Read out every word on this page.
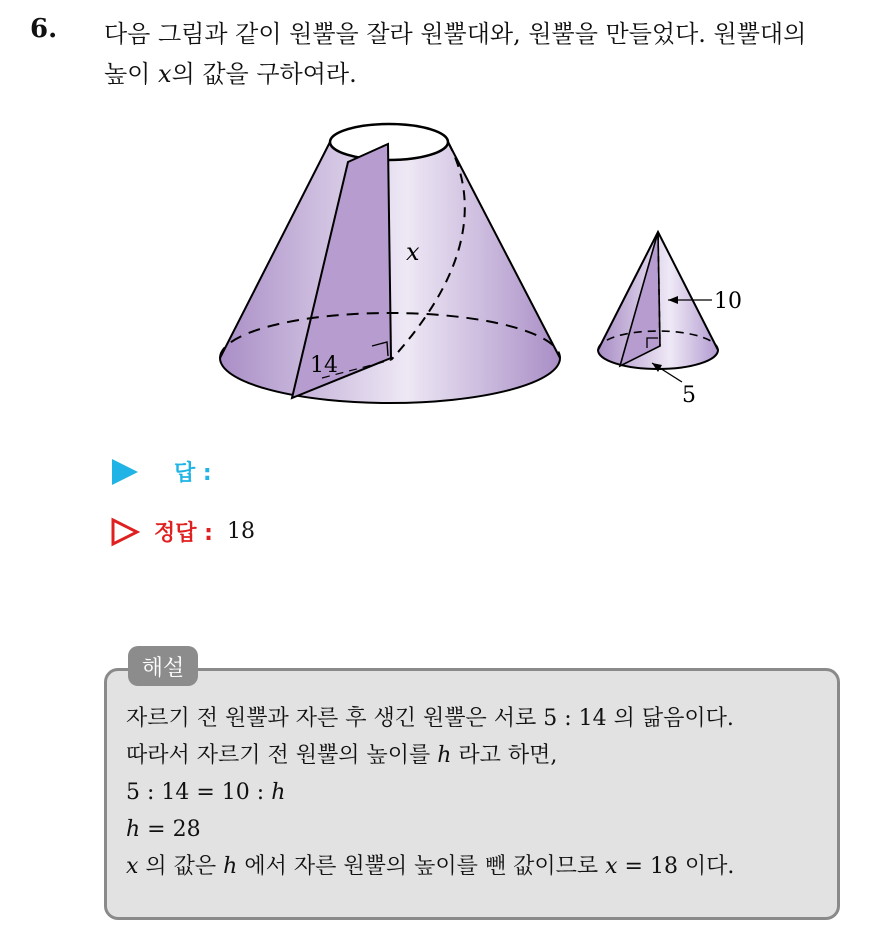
6. 다음 그림과 같이 원뿔을 잘라 원뿔대와, 원뿔을 만들었다. 원뿔대의
높이 x의 값을 구하여라.
x
14
10
5
답 :
정답 : 18
해설
자르기 전 원뿔과 자른 후 생긴 원뿔은 서로 5 : 14 의 닮음이다.
따라서 자르기 전 원뿔의 높이를 h 라고 하면,
5 : 14 = 10 : h
h = 28
x 의 값은 h 에서 자른 원뿔의 높이를 뺀 값이므로 x = 18 이다.
